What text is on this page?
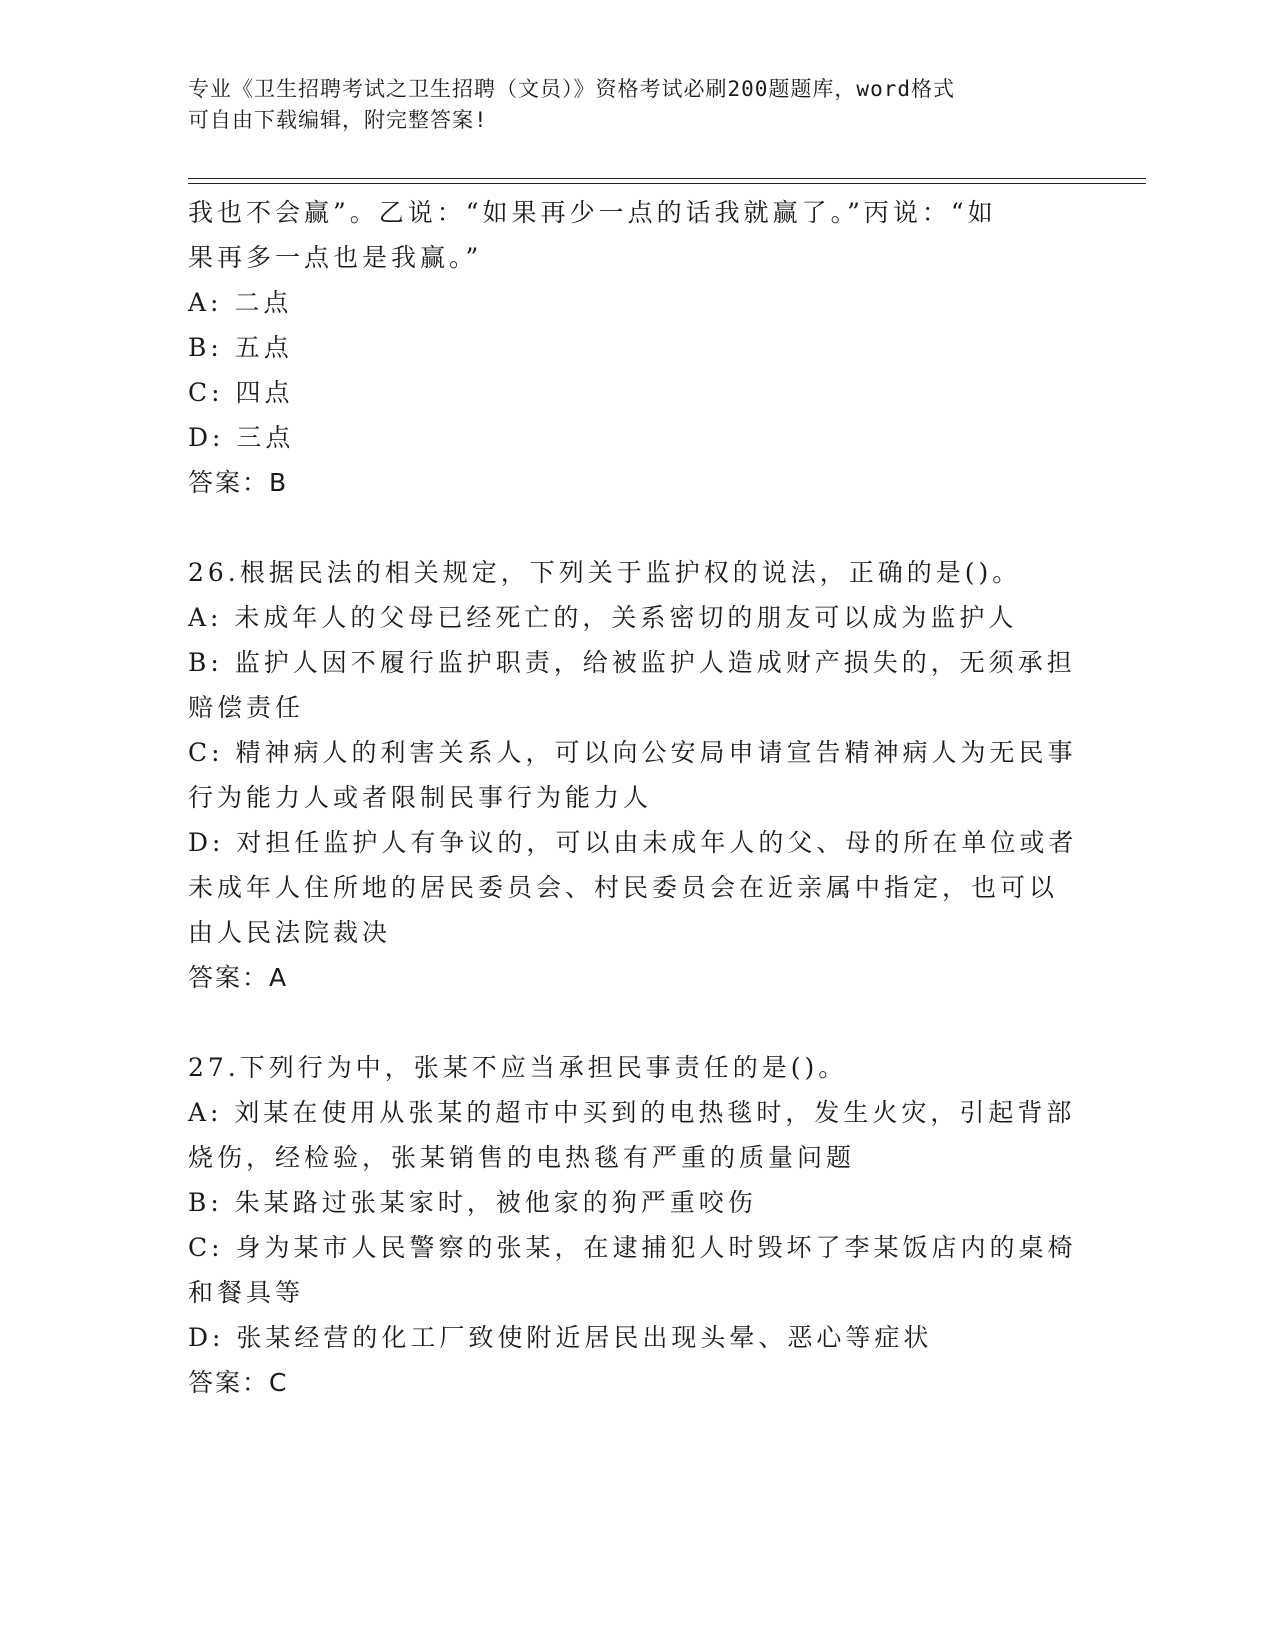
专业《卫生招聘考试之卫生招聘（文员）》资格考试必刷200题题库，word格式
可自由下载编辑，附完整答案!
我也不会赢”。乙说：“如果再少一点的话我就赢了。”丙说：“如
果再多一点也是我赢。”
A: 二点
B: 五点
C: 四点
D: 三点
答案：B
26.根据民法的相关规定，下列关于监护权的说法，正确的是()。
A: 未成年人的父母已经死亡的，关系密切的朋友可以成为监护人
B: 监护人因不履行监护职责，给被监护人造成财产损失的，无须承担
赔偿责任
C: 精神病人的利害关系人，可以向公安局申请宣告精神病人为无民事
行为能力人或者限制民事行为能力人
D: 对担任监护人有争议的，可以由未成年人的父、母的所在单位或者
未成年人住所地的居民委员会、村民委员会在近亲属中指定，也可以
由人民法院裁决
答案：A
27.下列行为中，张某不应当承担民事责任的是()。
A: 刘某在使用从张某的超市中买到的电热毯时，发生火灾，引起背部
烧伤，经检验，张某销售的电热毯有严重的质量问题
B: 朱某路过张某家时，被他家的狗严重咬伤
C: 身为某市人民警察的张某，在逮捕犯人时毁坏了李某饭店内的桌椅
和餐具等
D: 张某经营的化工厂致使附近居民出现头晕、恶心等症状
答案：C
